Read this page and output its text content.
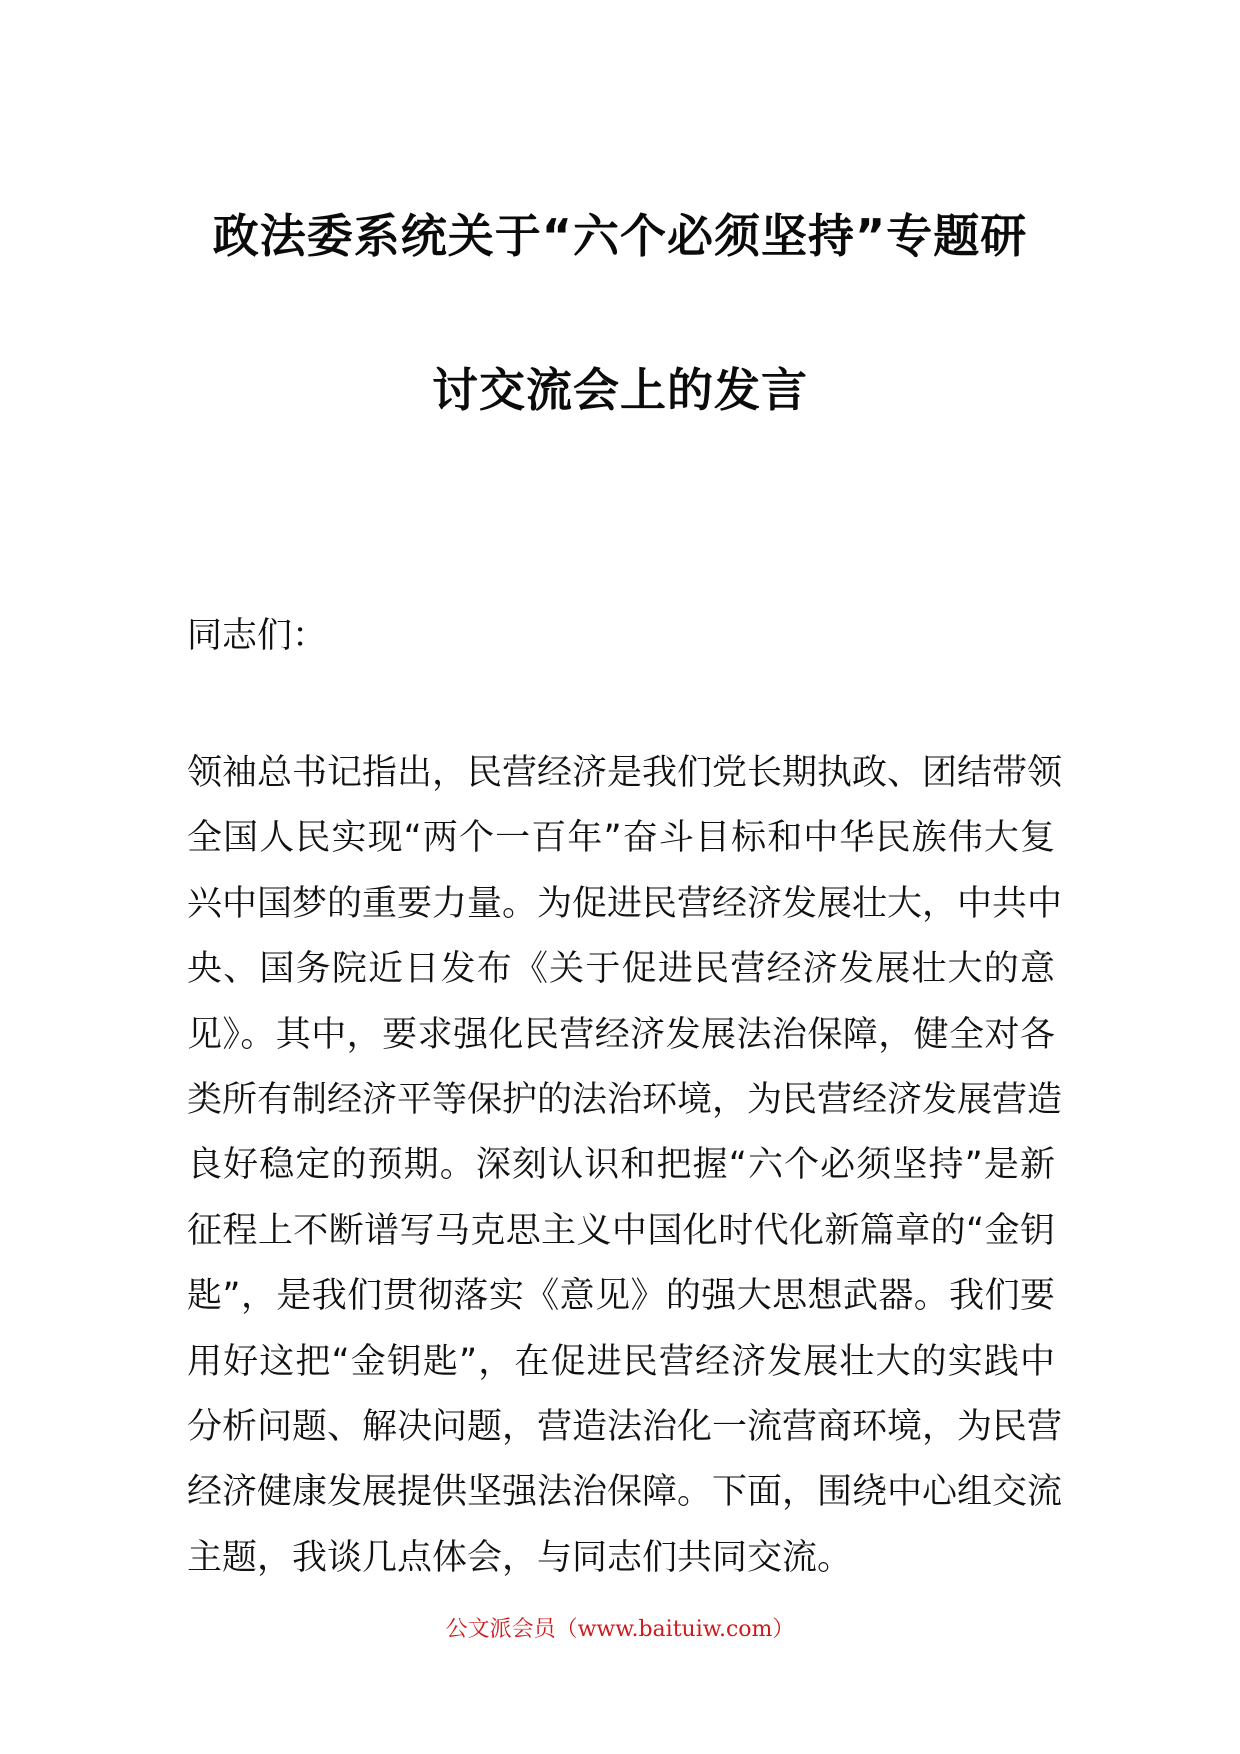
政法委系统关于“六个必须坚持”专题研
讨交流会上的发言
同志们：
领袖总书记指出，民营经济是我们党长期执政、团结带领
全国人民实现“两个一百年”奋斗目标和中华民族伟大复
兴中国梦的重要力量。为促进民营经济发展壮大，中共中
央、国务院近日发布《关于促进民营经济发展壮大的意
见》。其中，要求强化民营经济发展法治保障，健全对各
类所有制经济平等保护的法治环境，为民营经济发展营造
良好稳定的预期。深刻认识和把握“六个必须坚持”是新
征程上不断谱写马克思主义中国化时代化新篇章的“金钥
匙”，是我们贯彻落实《意见》的强大思想武器。我们要
用好这把“金钥匙”，在促进民营经济发展壮大的实践中
分析问题、解决问题，营造法治化一流营商环境，为民营
经济健康发展提供坚强法治保障。下面，围绕中心组交流
主题，我谈几点体会，与同志们共同交流。
公文派会员（www.baituiw.com）
